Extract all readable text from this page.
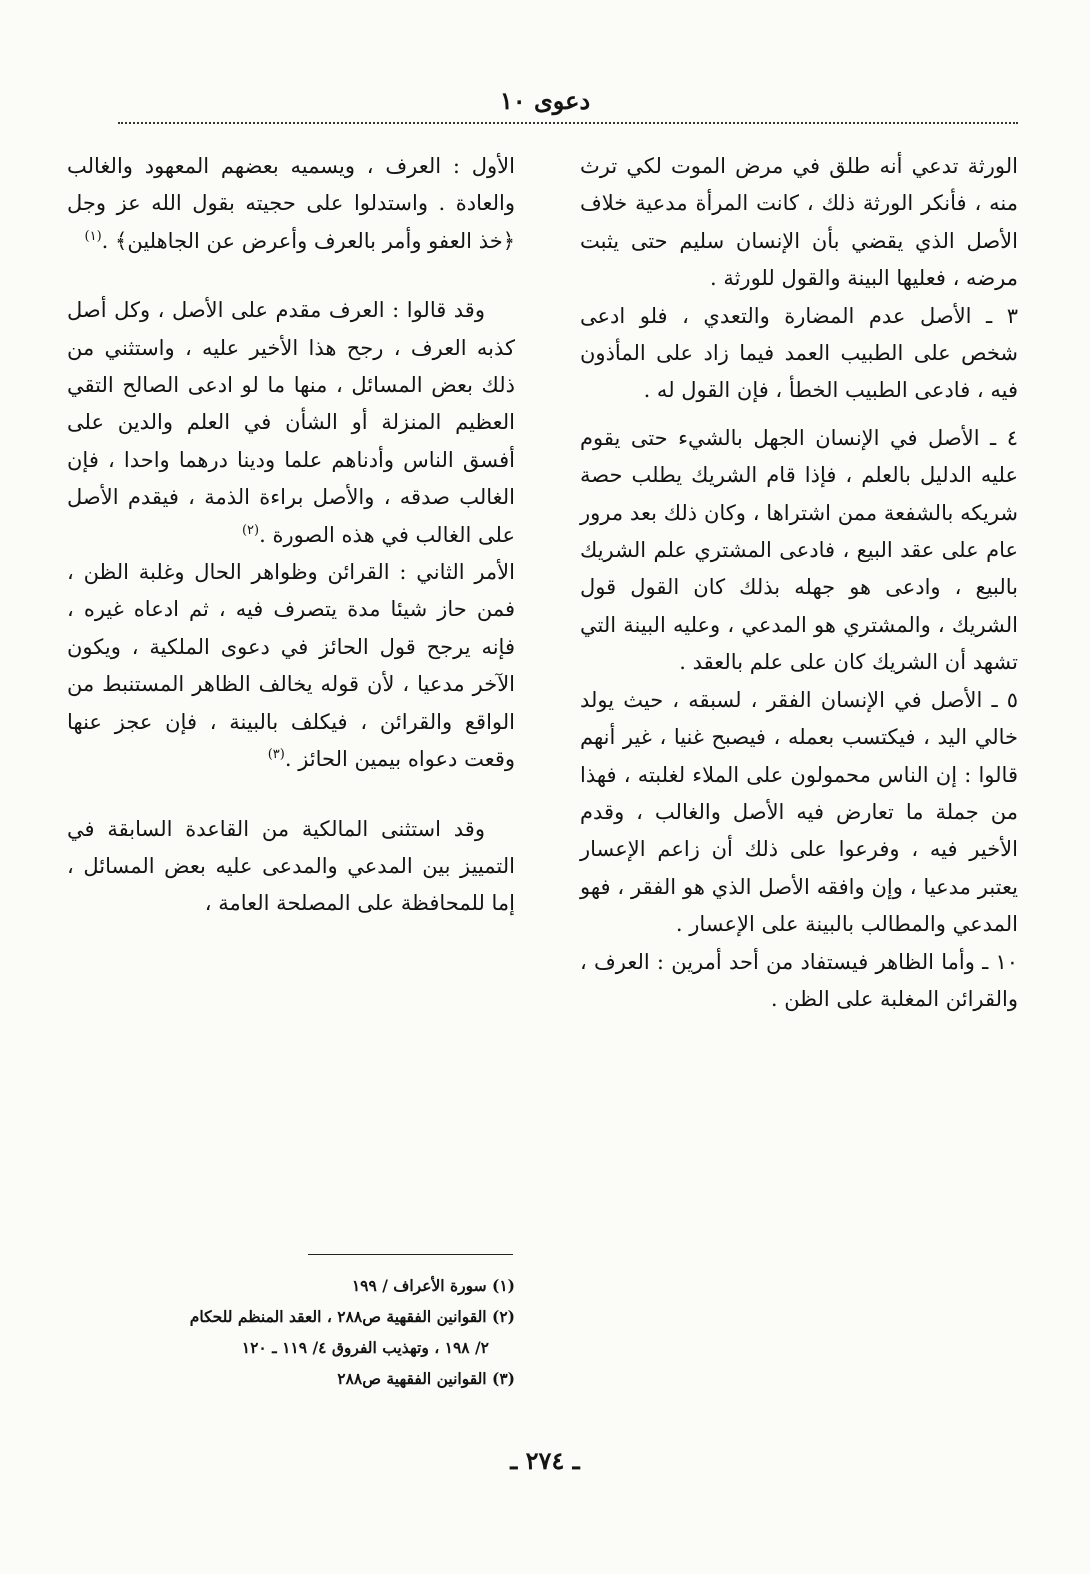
دعوى ١٠

الورثة تدعي أنه طلق في مرض الموت لكي ترث منه ، فأنكر الورثة ذلك ، كانت المرأة مدعية خلاف الأصل الذي يقضي بأن الإنسان سليم حتى يثبت مرضه ، فعليها البينة والقول للورثة .

٣ ـ الأصل عدم المضارة والتعدي ، فلو ادعى شخص على الطبيب العمد فيما زاد على المأذون فيه ، فادعى الطبيب الخطأ ، فإن القول له .

٤ ـ الأصل في الإنسان الجهل بالشيء حتى يقوم عليه الدليل بالعلم ، فإذا قام الشريك يطلب حصة شريكه بالشفعة ممن اشتراها ، وكان ذلك بعد مرور عام على عقد البيع ، فادعى المشتري علم الشريك بالبيع ، وادعى هو جهله بذلك كان القول قول الشريك ، والمشتري هو المدعي ، وعليه البينة التي تشهد أن الشريك كان على علم بالعقد .

٥ ـ الأصل في الإنسان الفقر ، لسبقه ، حيث يولد خالي اليد ، فيكتسب بعمله ، فيصبح غنيا ، غير أنهم قالوا : إن الناس محمولون على الملاء لغلبته ، فهذا من جملة ما تعارض فيه الأصل والغالب ، وقدم الأخير فيه ، وفرعوا على ذلك أن زاعم الإعسار يعتبر مدعيا ، وإن وافقه الأصل الذي هو الفقر ، فهو المدعي والمطالب بالبينة على الإعسار .

١٠ ـ وأما الظاهر فيستفاد من أحد أمرين : العرف ، والقرائن المغلبة على الظن .

الأول : العرف ، ويسميه بعضهم المعهود والغالب والعادة . واستدلوا على حجيته بقول الله عز وجل ﴿خذ العفو وأمر بالعرف وأعرض عن الجاهلين﴾ .$^{(١)}$

وقد قالوا : العرف مقدم على الأصل ، وكل أصل كذبه العرف ، رجح هذا الأخير عليه ، واستثني من ذلك بعض المسائل ، منها ما لو ادعى الصالح التقي العظيم المنزلة أو الشأن في العلم والدين على أفسق الناس وأدناهم علما ودينا درهما واحدا ، فإن الغالب صدقه ، والأصل براءة الذمة ، فيقدم الأصل على الغالب في هذه الصورة .$^{(٢)}$

الأمر الثاني : القرائن وظواهر الحال وغلبة الظن ، فمن حاز شيئا مدة يتصرف فيه ، ثم ادعاه غيره ، فإنه يرجح قول الحائز في دعوى الملكية ، ويكون الآخر مدعيا ، لأن قوله يخالف الظاهر المستنبط من الواقع والقرائن ، فيكلف بالبينة ، فإن عجز عنها وقعت دعواه بيمين الحائز .$^{(٣)}$

وقد استثنى المالكية من القاعدة السابقة في التمييز بين المدعي والمدعى عليه بعض المسائل ، إما للمحافظة على المصلحة العامة ،

(١) سورة الأعراف / ١٩٩

(٢) القوانين الفقهية ص٢٨٨ ، العقد المنظم للحكام

٢/ ١٩٨ ، وتهذيب الفروق ٤/ ١١٩ ـ ١٢٠

(٣) القوانين الفقهية ص٢٨٨

ـ ٢٧٤ ـ
